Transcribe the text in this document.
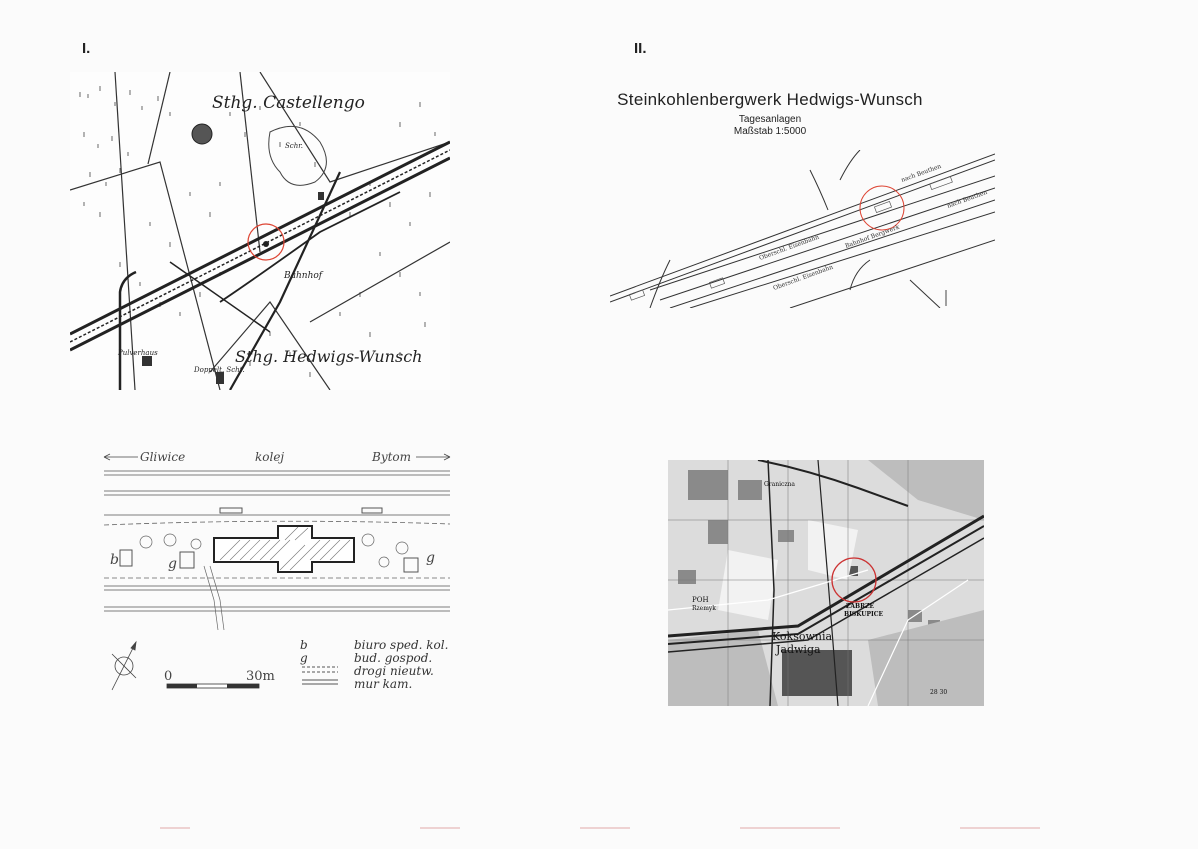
I.	II.
Sthg. Castellengo
Sthg. Hedwigs-Wunsch
Bahnhof
Schr.
Pulverhaus
Doppelt. Scht.
Steinkohlenbergwerk Hedwigs-Wunsch
Tagesanlagen
Maßstab 1:5000
nach Beuthen
nach Beuthen
Bahnhof Bergwerk
Oberschl. Eisenbahn
Oberschl. Eisenbahn
Gliwice	kolej	Bytom
b	g	g
0	30m
b	biuro sped. kol.
g	bud. gospod.
drogi nieutw.
mur kam.
Koksownia
Jadwiga
ZABRZE
BISKUPICE
POH
Rzemyk
Graniczna
28 30
